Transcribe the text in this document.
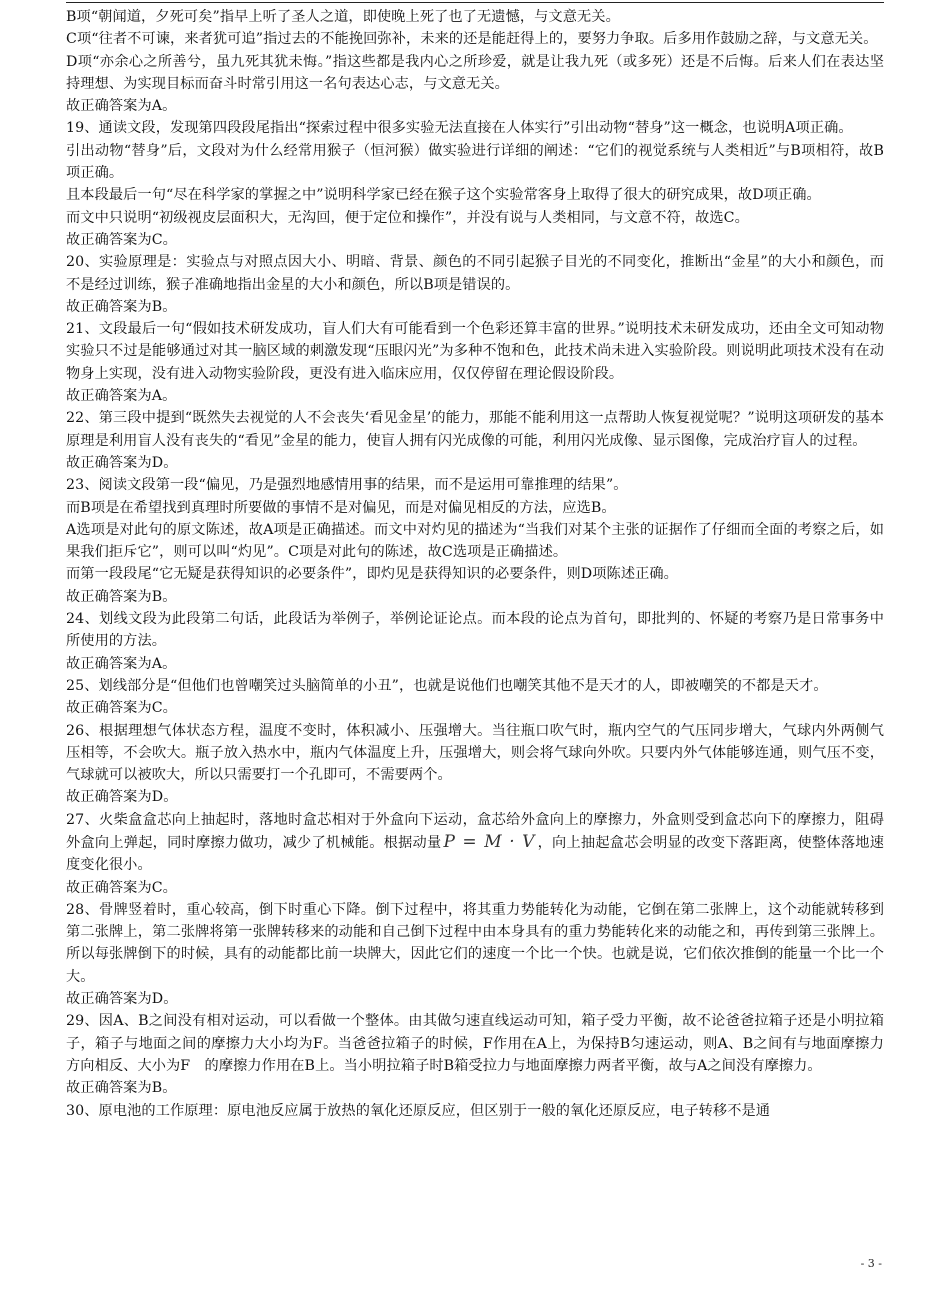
B项“朝闻道，夕死可矣”指早上听了圣人之道，即使晚上死了也了无遗憾，与文意无关。

C项“往者不可谏，来者犹可追”指过去的不能挽回弥补，未来的还是能赶得上的，要努力争取。后多用作鼓励之辞，与文意无关。

D项“亦余心之所善兮，虽九死其犹未悔。”指这些都是我内心之所珍爱，就是让我九死（或多死）还是不后悔。后来人们在表达坚持理想、为实现目标而奋斗时常引用这一名句表达心志，与文意无关。

故正确答案为A。

19、通读文段，发现第四段段尾指出“探索过程中很多实验无法直接在人体实行”引出动物“替身”这一概念，也说明A项正确。

引出动物“替身”后，文段对为什么经常用猴子（恒河猴）做实验进行详细的阐述：“它们的视觉系统与人类相近”与B项相符，故B项正确。

且本段最后一句“尽在科学家的掌握之中”说明科学家已经在猴子这个实验常客身上取得了很大的研究成果，故D项正确。

而文中只说明“初级视皮层面积大，无沟回，便于定位和操作”，并没有说与人类相同，与文意不符，故选C。

故正确答案为C。

20、实验原理是：实验点与对照点因大小、明暗、背景、颜色的不同引起猴子目光的不同变化，推断出“金星”的大小和颜色，而不是经过训练，猴子准确地指出金星的大小和颜色，所以B项是错误的。

故正确答案为B。

21、文段最后一句“假如技术研发成功，盲人们大有可能看到一个色彩还算丰富的世界。”说明技术未研发成功，还由全文可知动物实验只不过是能够通过对其一脑区域的刺激发现“压眼闪光”为多种不饱和色，此技术尚未进入实验阶段。则说明此项技术没有在动物身上实现，没有进入动物实验阶段，更没有进入临床应用，仅仅停留在理论假设阶段。

故正确答案为A。

22、第三段中提到“既然失去视觉的人不会丧失‘看见金星’的能力，那能不能利用这一点帮助人恢复视觉呢？”说明这项研发的基本原理是利用盲人没有丧失的“看见”金星的能力，使盲人拥有闪光成像的可能，利用闪光成像、显示图像，完成治疗盲人的过程。

故正确答案为D。

23、阅读文段第一段“偏见，乃是强烈地感情用事的结果，而不是运用可靠推理的结果”。

而B项是在希望找到真理时所要做的事情不是对偏见，而是对偏见相反的方法，应选B。

A选项是对此句的原文陈述，故A项是正确描述。而文中对灼见的描述为“当我们对某个主张的证据作了仔细而全面的考察之后，如果我们拒斥它”，则可以叫“灼见”。C项是对此句的陈述，故C选项是正确描述。

而第一段段尾“它无疑是获得知识的必要条件”，即灼见是获得知识的必要条件，则D项陈述正确。

故正确答案为B。

24、划线文段为此段第二句话，此段话为举例子，举例论证论点。而本段的论点为首句，即批判的、怀疑的考察乃是日常事务中所使用的方法。

故正确答案为A。

25、划线部分是“但他们也曾嘲笑过头脑简单的小丑”，也就是说他们也嘲笑其他不是天才的人，即被嘲笑的不都是天才。

故正确答案为C。

26、根据理想气体状态方程，温度不变时，体积减小、压强增大。当往瓶口吹气时，瓶内空气的气压同步增大，气球内外两侧气压相等，不会吹大。瓶子放入热水中，瓶内气体温度上升，压强增大，则会将气球向外吹。只要内外气体能够连通，则气压不变，气球就可以被吹大，所以只需要打一个孔即可，不需要两个。

故正确答案为D。

27、火柴盒盒芯向上抽起时，落地时盒芯相对于外盒向下运动，盒芯给外盒向上的摩擦力，外盒则受到盒芯向下的摩擦力，阻碍外盒向上弹起，同时摩擦力做功，减少了机械能。根据动量 P = M · V ，向上抽起盒芯会明显的改变下落距离，使整体落地速度变化很小。

故正确答案为C。

28、骨牌竖着时，重心较高，倒下时重心下降。倒下过程中，将其重力势能转化为动能，它倒在第二张牌上，这个动能就转移到第二张牌上，第二张牌将第一张牌转移来的动能和自己倒下过程中由本身具有的重力势能转化来的动能之和，再传到第三张牌上。所以每张牌倒下的时候，具有的动能都比前一块牌大，因此它们的速度一个比一个快。也就是说，它们依次推倒的能量一个比一个大。

故正确答案为D。

29、因A、B之间没有相对运动，可以看做一个整体。由其做匀速直线运动可知，箱子受力平衡，故不论爸爸拉箱子还是小明拉箱子，箱子与地面之间的摩擦力大小均为F。当爸爸拉箱子的时候，F作用在A上，为保持B匀速运动，则A、B之间有与地面摩擦力方向相反、大小为F　的摩擦力作用在B上。当小明拉箱子时B箱受拉力与地面摩擦力两者平衡，故与A之间没有摩擦力。

故正确答案为B。

30、原电池的工作原理：原电池反应属于放热的氧化还原反应，但区别于一般的氧化还原反应，电子转移不是通

- 3 -
